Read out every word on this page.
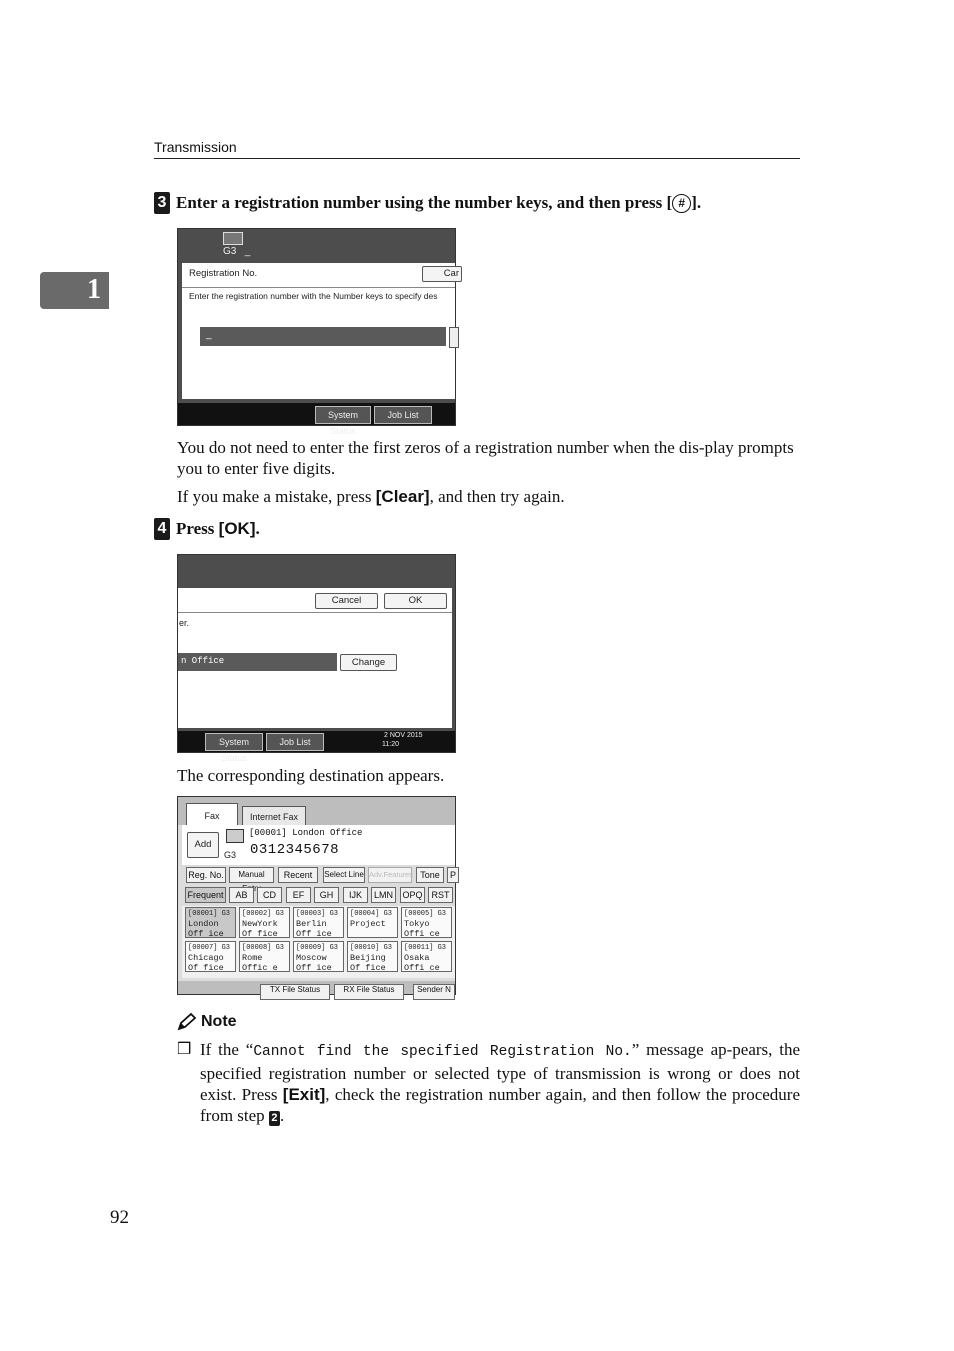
Transmission
1
3 Enter a registration number using the number keys, and then press [ # ].
G3 _
Registration No.	Car
Enter the registration number with the Number keys to specify des
_
System Status
Job List
You do not need to enter the first zeros of a registration number when the dis-play prompts you to enter five digits.
If you make a mistake, press [Clear], and then try again.
4 Press [OK].
Cancel	OK
er.
n Office	Change
System Status
Job List
2 NOV 2015
11:20
The corresponding destination appears.
Fax	Internet Fax
Add
G3
[00001] London Office
0312345678
Reg. No.	Manual	Recent	Select Line Adv.Features Tone	P
Frequent	AB	CD	EF	GH	IJK	LMN	OPQ	RST
[00001] G3
London Off ice
[00002] G3
NewYork Of fice
[00003] G3
Berlin Off ice
[00004] G3
Project
[00005] G3
Tokyo Offi ce
[00007] G3
Chicago Of fice
[00008] G3
Rome Offic e
[00009] G3
Moscow Off ice
[00010] G3
Beijing Of fice
[00011] G3
Osaka Offi ce
TX File Status	RX File Status	Sender N
Note
❒ If the “Cannot find the specified Registration No.” message ap-pears, the specified registration number or selected type of transmission is wrong or does not exist. Press [Exit], check the registration number again, and then follow the procedure from step 2 .
92
